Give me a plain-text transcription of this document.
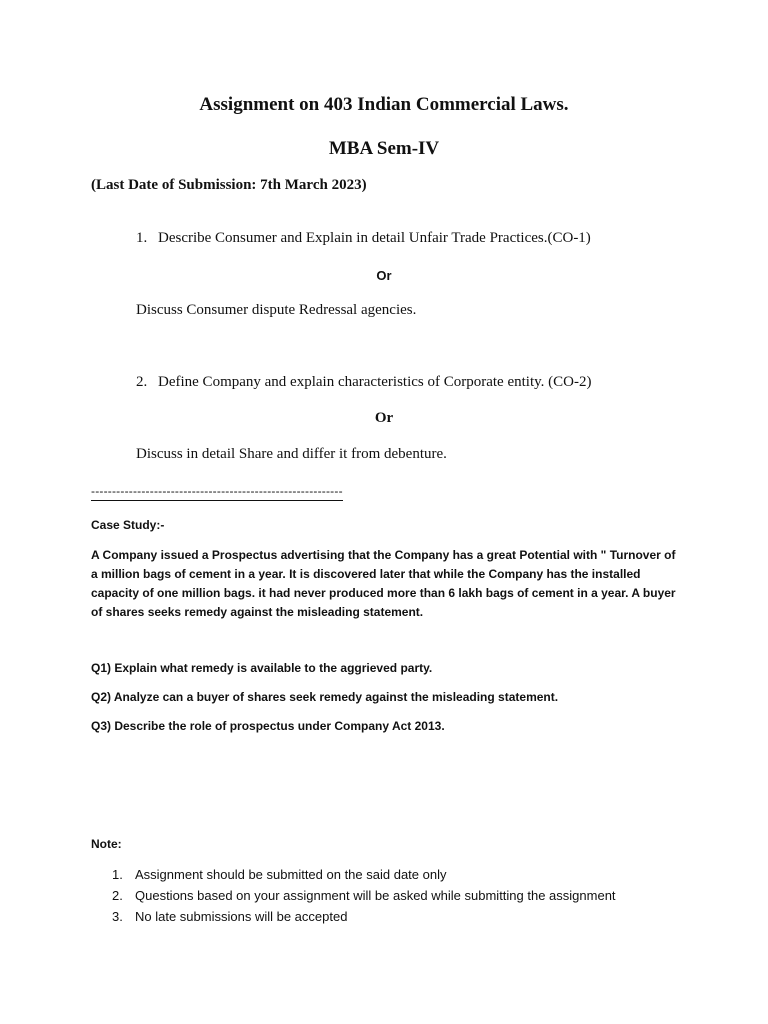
Assignment on 403 Indian Commercial Laws.
MBA Sem-IV
(Last Date of Submission: 7th March 2023)
1. Describe Consumer and Explain in detail Unfair Trade Practices.(CO-1)
Or
Discuss Consumer dispute Redressal agencies.
2. Define Company and explain characteristics of Corporate entity. (CO-2)
Or
Discuss in detail Share and differ it from debenture.
------------------------------------------------------------
Case Study:-
A Company issued a Prospectus advertising that the Company has a great Potential with " Turnover of a million bags of cement in a year. It is discovered later that while the Company has the installed capacity of one million bags. it had never produced more than 6 lakh bags of cement in a year. A buyer of shares seeks remedy against the misleading statement.
Q1) Explain what remedy is available to the aggrieved party.
Q2) Analyze can a buyer of shares seek remedy against the misleading statement.
Q3) Describe the role of prospectus under Company Act 2013.
Note:
1. Assignment should be submitted on the said date only
2. Questions based on your assignment will be asked while submitting the assignment
3. No late submissions will be accepted
